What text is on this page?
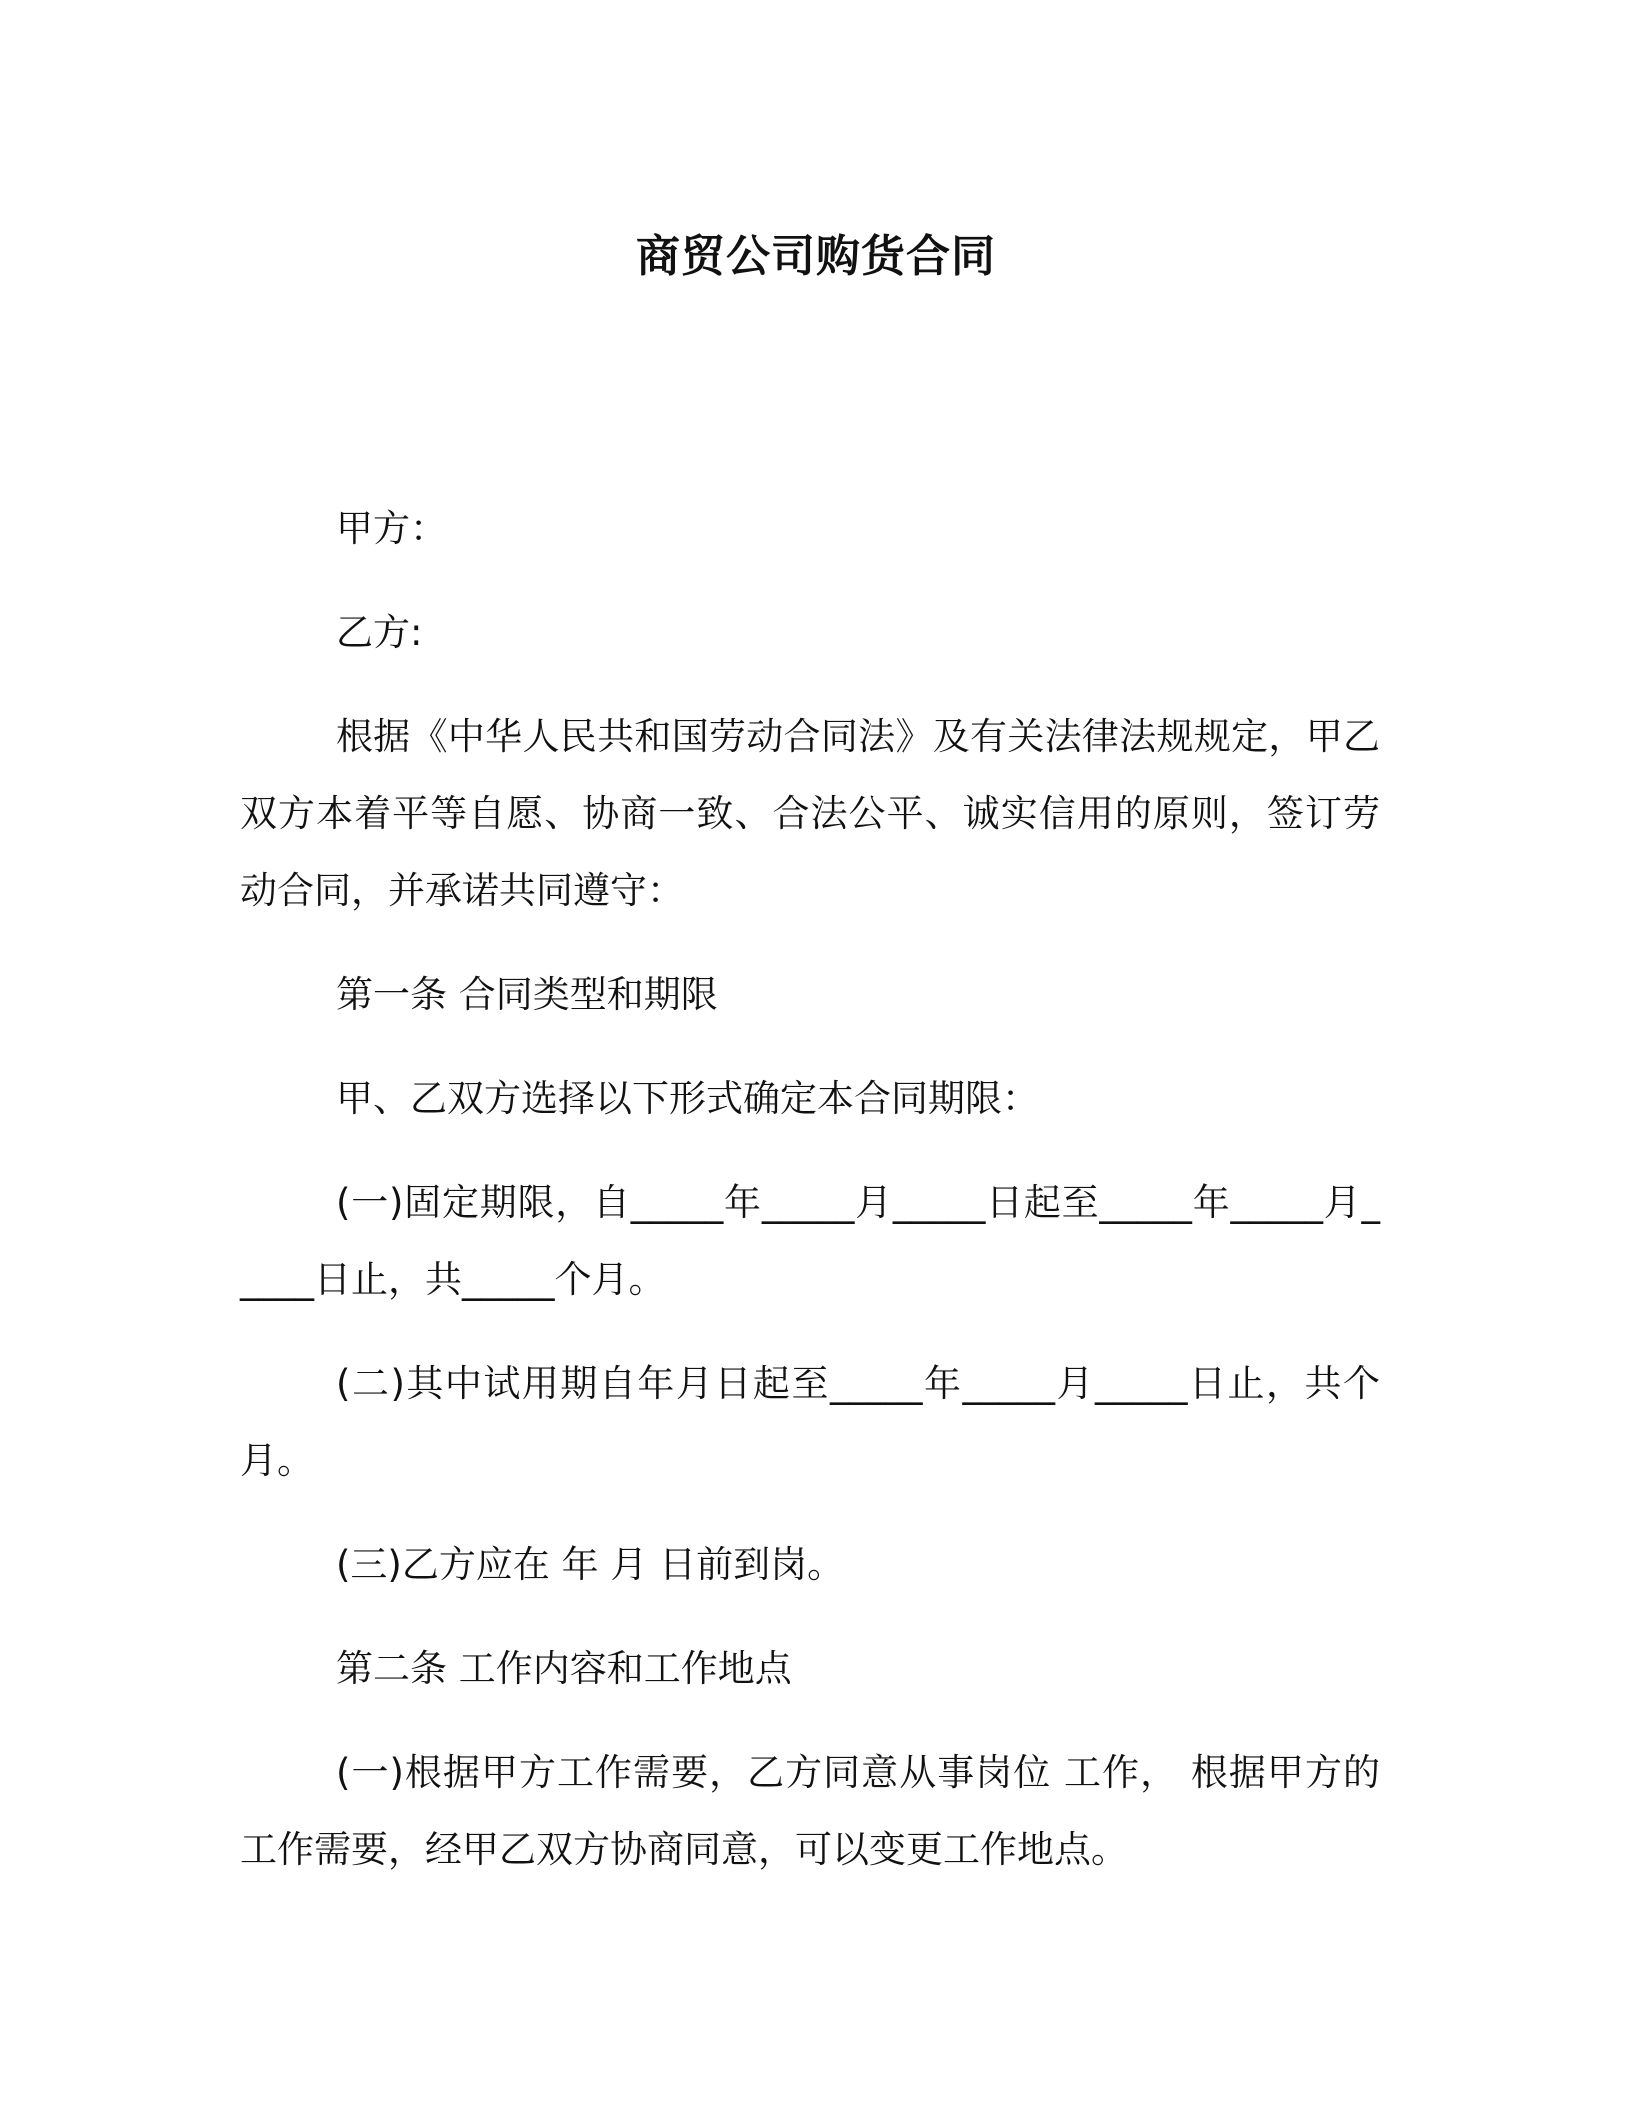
商贸公司购货合同

甲方：

乙方:

根据《中华人民共和国劳动合同法》及有关法律法规规定，甲乙双方本着平等自愿、协商一致、合法公平、诚实信用的原则，签订劳动合同，并承诺共同遵守：

第一条 合同类型和期限

甲、乙双方选择以下形式确定本合同期限：

(一)固定期限，自_____年_____月_____日起至_____年_____月_____日止，共_____个月。

(二)其中试用期自年月日起至_____年_____月_____日止，共个月。

(三)乙方应在 年 月 日前到岗。

第二条 工作内容和工作地点

(一)根据甲方工作需要，乙方同意从事岗位 工作， 根据甲方的工作需要，经甲乙双方协商同意，可以变更工作地点。
